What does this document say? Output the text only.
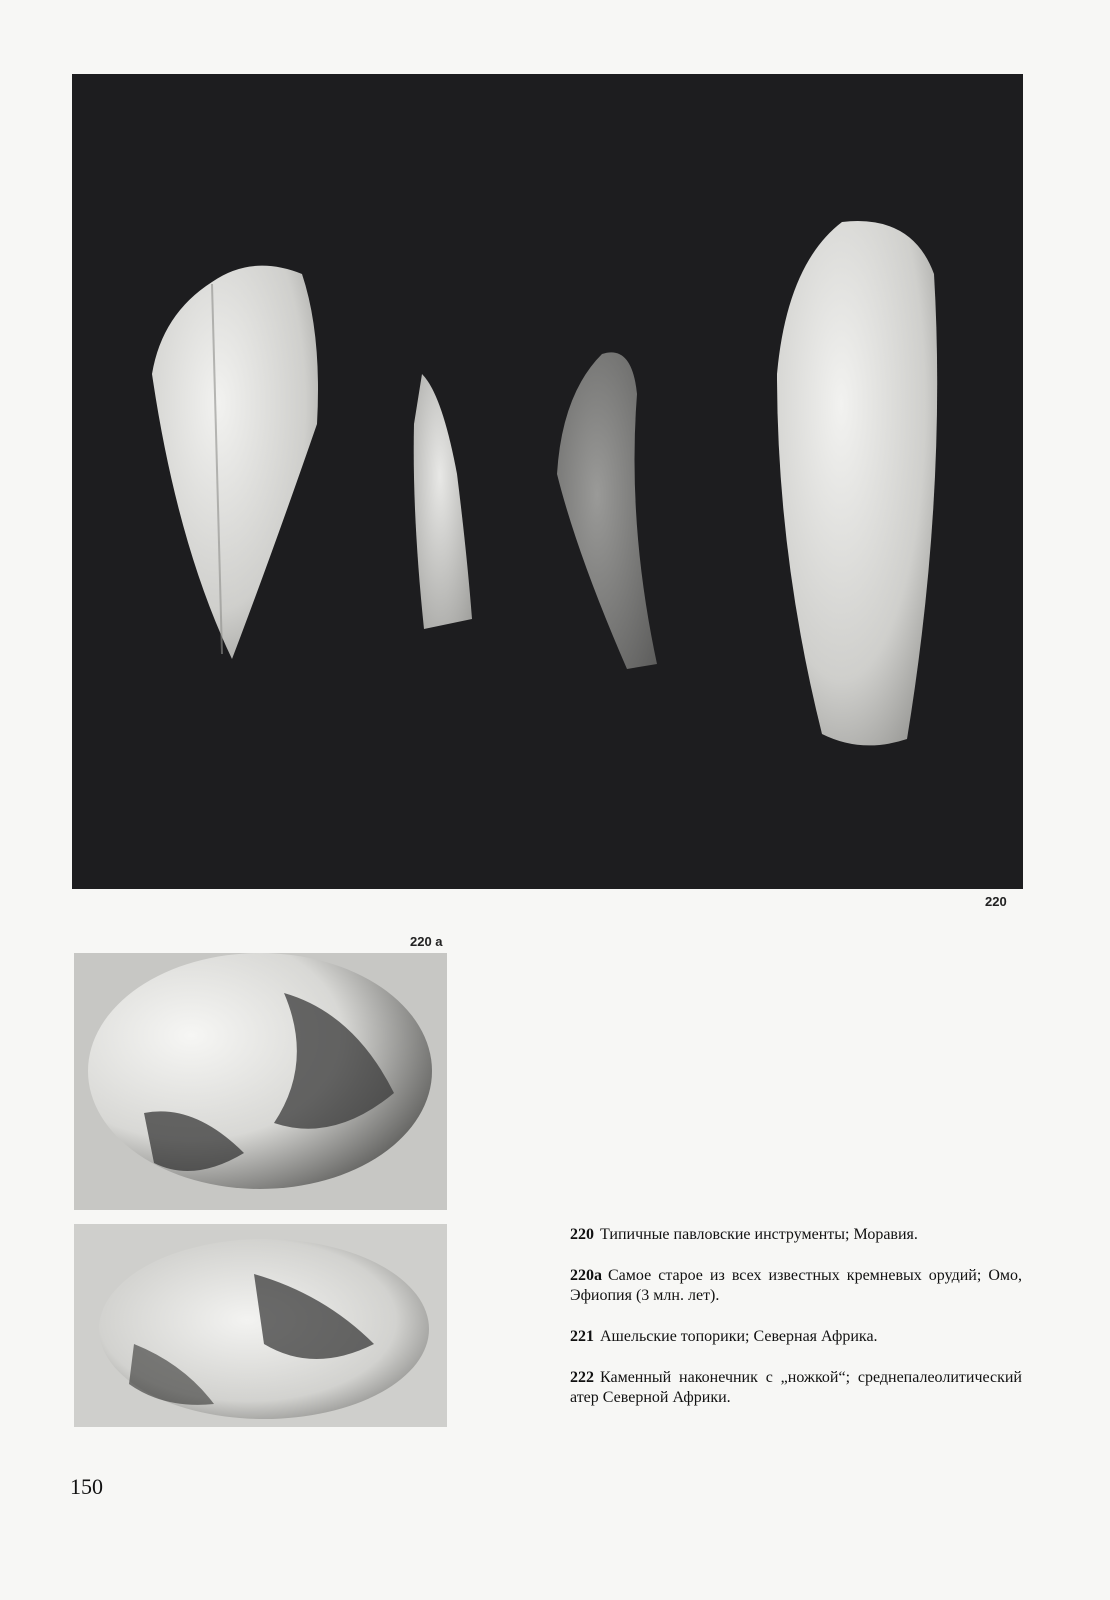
220
220 a

220 Типичные павловские инструменты; Моравия.

220а Самое старое из всех известных кремневых орудий; Омо, Эфиопия (3 млн. лет).

221 Ашельские топорики; Северная Африка.

222 Каменный наконечник с „ножкой“; среднепалеолитический атер Северной Африки.

150
